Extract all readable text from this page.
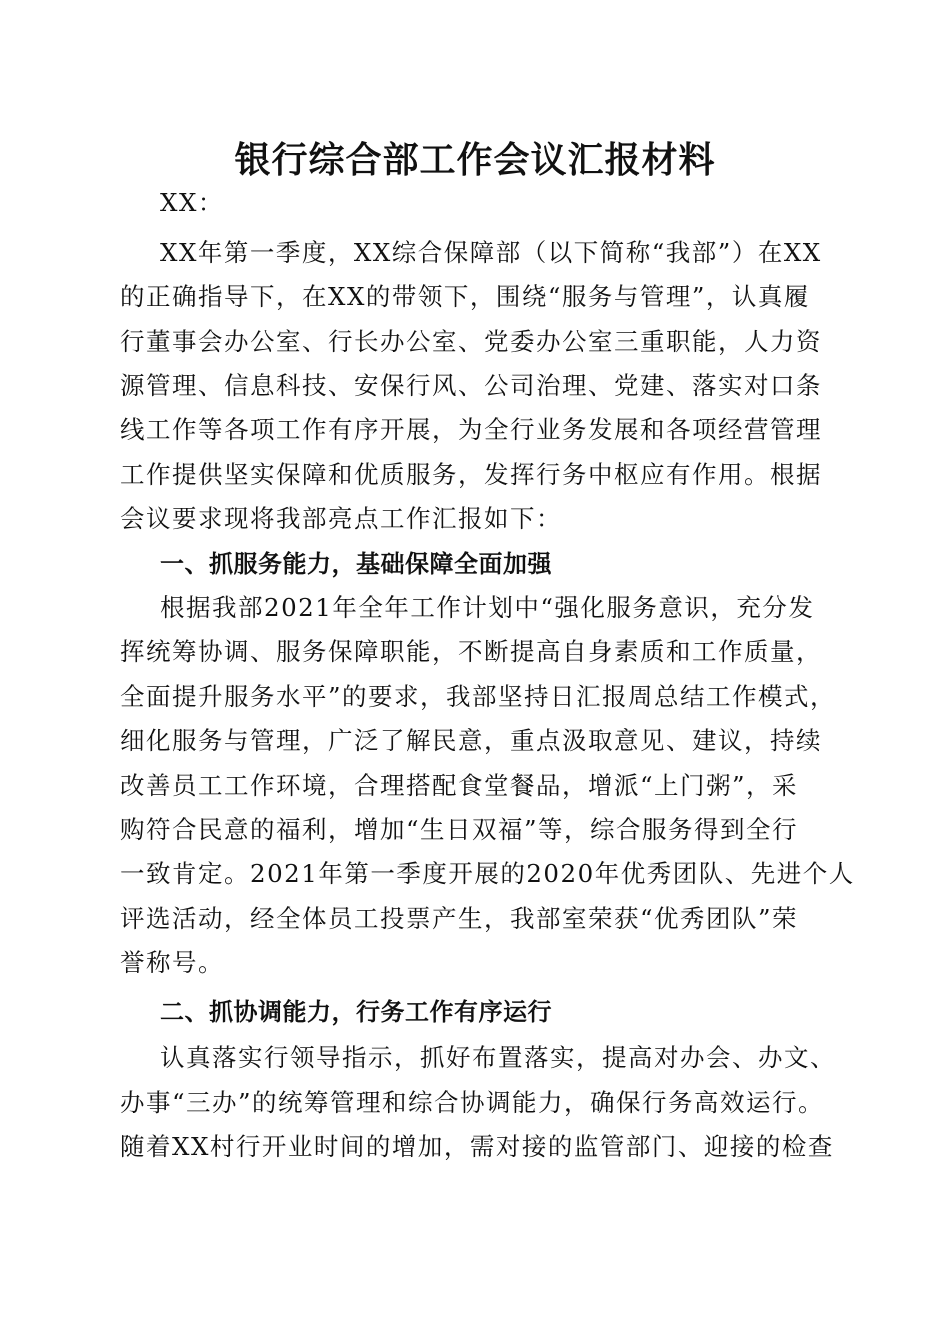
银行综合部工作会议汇报材料
XX：
XX年第一季度，XX综合保障部（以下简称“我部”）在XX
的正确指导下，在XX的带领下，围绕“服务与管理”，认真履
行董事会办公室、行长办公室、党委办公室三重职能，人力资
源管理、信息科技、安保行风、公司治理、党建、落实对口条
线工作等各项工作有序开展，为全行业务发展和各项经营管理
工作提供坚实保障和优质服务，发挥行务中枢应有作用。根据
会议要求现将我部亮点工作汇报如下：
一、抓服务能力，基础保障全面加强
根据我部2021年全年工作计划中“强化服务意识，充分发
挥统筹协调、服务保障职能，不断提高自身素质和工作质量，
全面提升服务水平”的要求，我部坚持日汇报周总结工作模式，
细化服务与管理，广泛了解民意，重点汲取意见、建议，持续
改善员工工作环境，合理搭配食堂餐品，增派“上门粥”，采
购符合民意的福利，增加“生日双福”等，综合服务得到全行
一致肯定。2021年第一季度开展的2020年优秀团队、先进个人
评选活动，经全体员工投票产生，我部室荣获“优秀团队”荣
誉称号。
二、抓协调能力，行务工作有序运行
认真落实行领导指示，抓好布置落实，提高对办会、办文、
办事“三办”的统筹管理和综合协调能力，确保行务高效运行。
随着XX村行开业时间的增加，需对接的监管部门、迎接的检查
